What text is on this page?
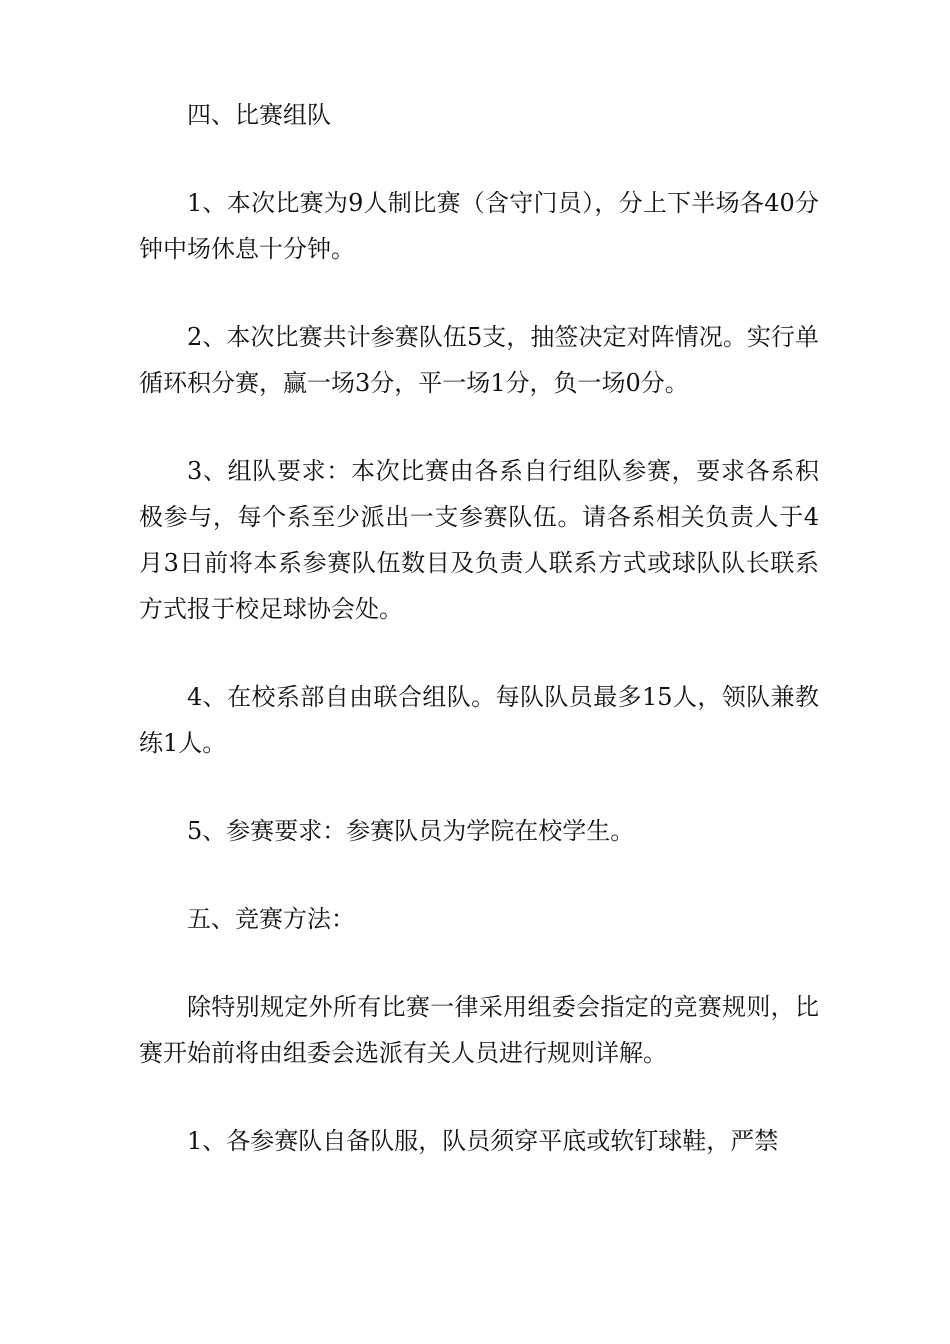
四、比赛组队

1、本次比赛为9人制比赛（含守门员），分上下半场各40分钟中场休息十分钟。

2、本次比赛共计参赛队伍5支，抽签决定对阵情况。实行单循环积分赛，赢一场3分，平一场1分，负一场0分。

3、组队要求：本次比赛由各系自行组队参赛，要求各系积极参与，每个系至少派出一支参赛队伍。请各系相关负责人于4月3日前将本系参赛队伍数目及负责人联系方式或球队队长联系方式报于校足球协会处。

4、在校系部自由联合组队。每队队员最多15人，领队兼教练1人。

5、参赛要求：参赛队员为学院在校学生。

五、竞赛方法：

除特别规定外所有比赛一律采用组委会指定的竞赛规则，比赛开始前将由组委会选派有关人员进行规则详解。

1、各参赛队自备队服，队员须穿平底或软钉球鞋，严禁
